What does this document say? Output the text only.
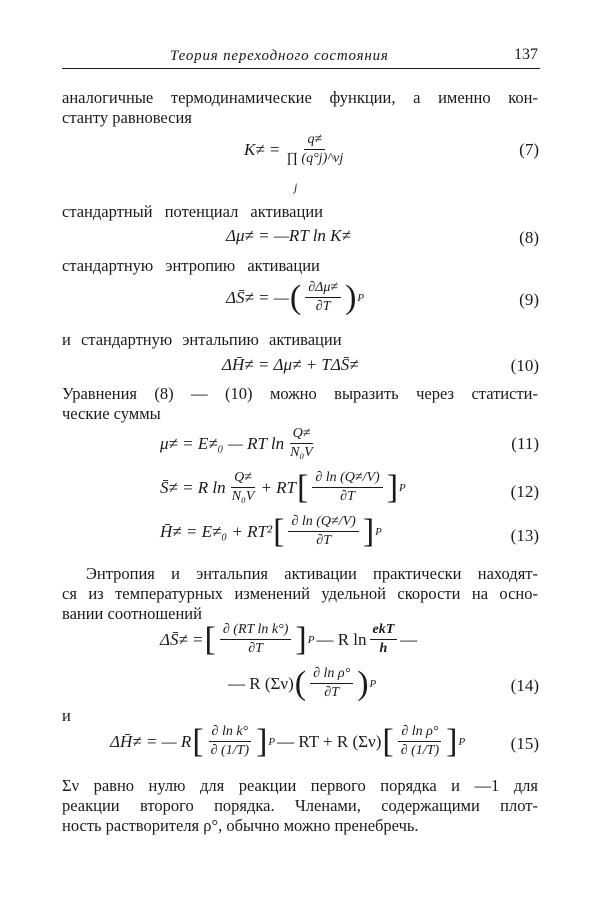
Теория переходного состояния	137
аналогичные термодинамические функции, а именно кон-
станту равновесия
$K\ne = \frac{q\ne}{\prod (q^\circ j)\^{}\nu j}$
j
(7)
стандартный потенциал активации
Δμ≠ = —RT ln K≠	(8)
стандартную энтропию активации
ΔS̄≠ = — ( $\frac{\partial\Delta\mu\ne}{\partial T}$ ) P	(9)
и стандартную энтальпию активации
ΔH̄≠ = Δμ≠ + TΔS̄≠	(10)
Уравнения (8) — (10) можно выразить через статисти-
ческие суммы
μ≠ = E≠₀ — RT $\ln \frac{Q\ne}{\text{N₀V}}$	(11)
S̄≠ = R $\ln \frac{Q\ne}{\text{N₀V}}$ + RT [ $\frac{\partial \ln (Q\ne/V)}{\partial T}$ ] P	(12)
H̄≠ = E≠₀ + RT² [ $\frac{\partial \ln (Q\ne/V)}{\partial T}$ ] P	(13)
Энтропия и энтальпия активации практически находят-
ся из температурных изменений удельной скорости на осно-
вании соотношений
ΔS̄≠ = [ $\frac{\text{∂ (RT ln k°)}}{\partial T}$ ] P — R $\ln \frac{\text{ekT}}{h}$ —
— R (Σν) ( $\frac{\text{∂ ln ρ°}}{\partial T}$ ) P	(14)
и
ΔH̄≠ = — R [ $\frac{\text{∂ ln k°}}{\partial (1/T)}$ ] P — RT + R (Σν) [ $\frac{\text{∂ ln ρ°}}{\partial (1/T)}$ ] P	(15)
Σν равно нулю для реакции первого порядка и —1 для
реакции второго порядка. Членами, содержащими плот-
ность растворителя ρ°, обычно можно пренебречь.
